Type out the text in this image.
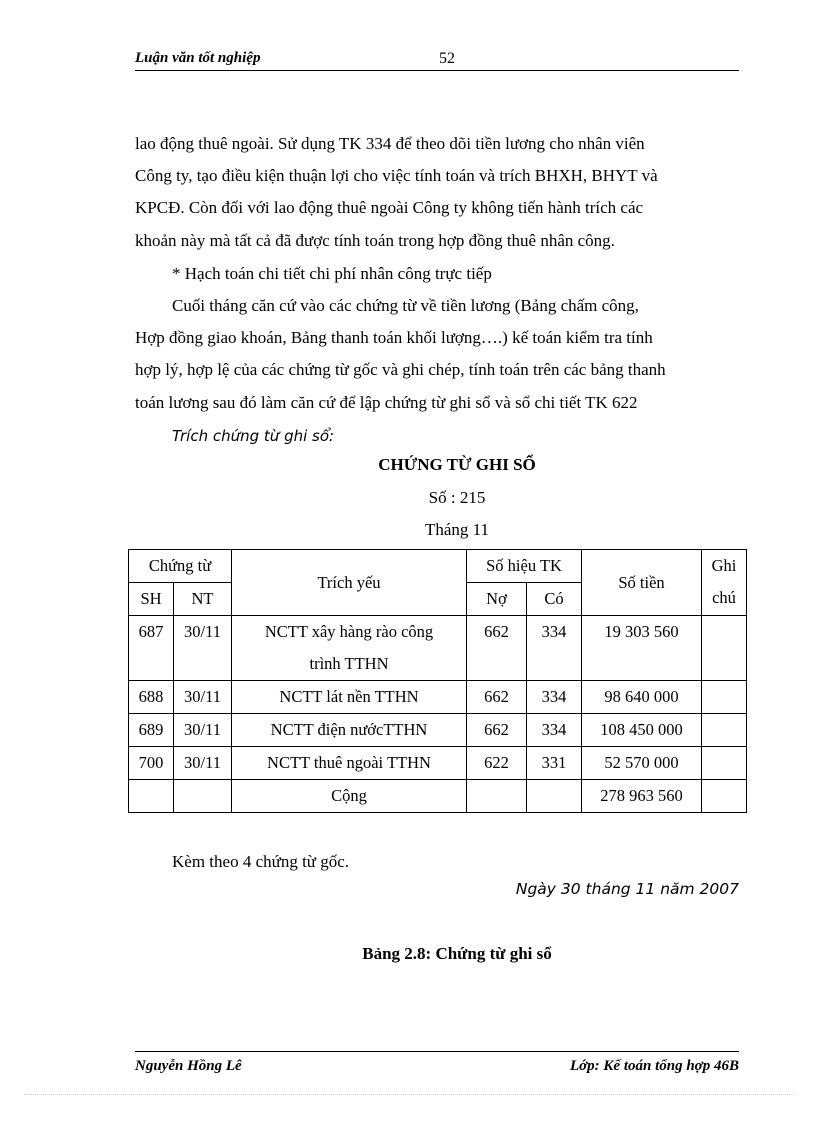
Luận văn tốt nghiệp	52
lao động thuê ngoài. Sử dụng TK 334 để theo dõi tiền lương cho nhân viên
Công ty, tạo điều kiện thuận lợi cho việc tính toán và trích BHXH, BHYT và
KPCĐ. Còn đối với lao động thuê ngoài Công ty không tiến hành trích các
khoản này mà tất cả đã được tính toán trong hợp đồng thuê nhân công.
* Hạch toán chi tiết chi phí nhân công trực tiếp
Cuối tháng căn cứ vào các chứng từ về tiền lương (Bảng chấm công,
Hợp đồng giao khoán, Bảng thanh toán khối lượng….) kế toán kiểm tra tính
hợp lý, hợp lệ của các chứng từ gốc và ghi chép, tính toán trên các bảng thanh
toán lương sau đó làm căn cứ để lập chứng từ ghi sổ và sổ chi tiết TK 622
Trích chứng từ ghi sổ:
CHỨNG TỪ GHI SỔ
Số : 215
Tháng 11
Chứng từ		Trích yếu	Số hiệu TK		Số tiền	Ghi
chú
SH	NT		Nợ	Có		
687	30/11	NCTT xây hàng rào công
trình TTHN	662	334	19 303 560	
688	30/11	NCTT lát nền TTHN	662	334	98 640 000	
689	30/11	NCTT điện nướcTTHN	662	334	108 450 000	
700	30/11	NCTT thuê ngoài TTHN	622	331	52 570 000	
		Cộng			278 963 560	
Kèm theo 4 chứng từ gốc.
Ngày 30 tháng 11 năm 2007
Bảng 2.8: Chứng từ ghi sổ
Nguyễn Hồng Lê	Lớp: Kế toán tổng hợp 46B
